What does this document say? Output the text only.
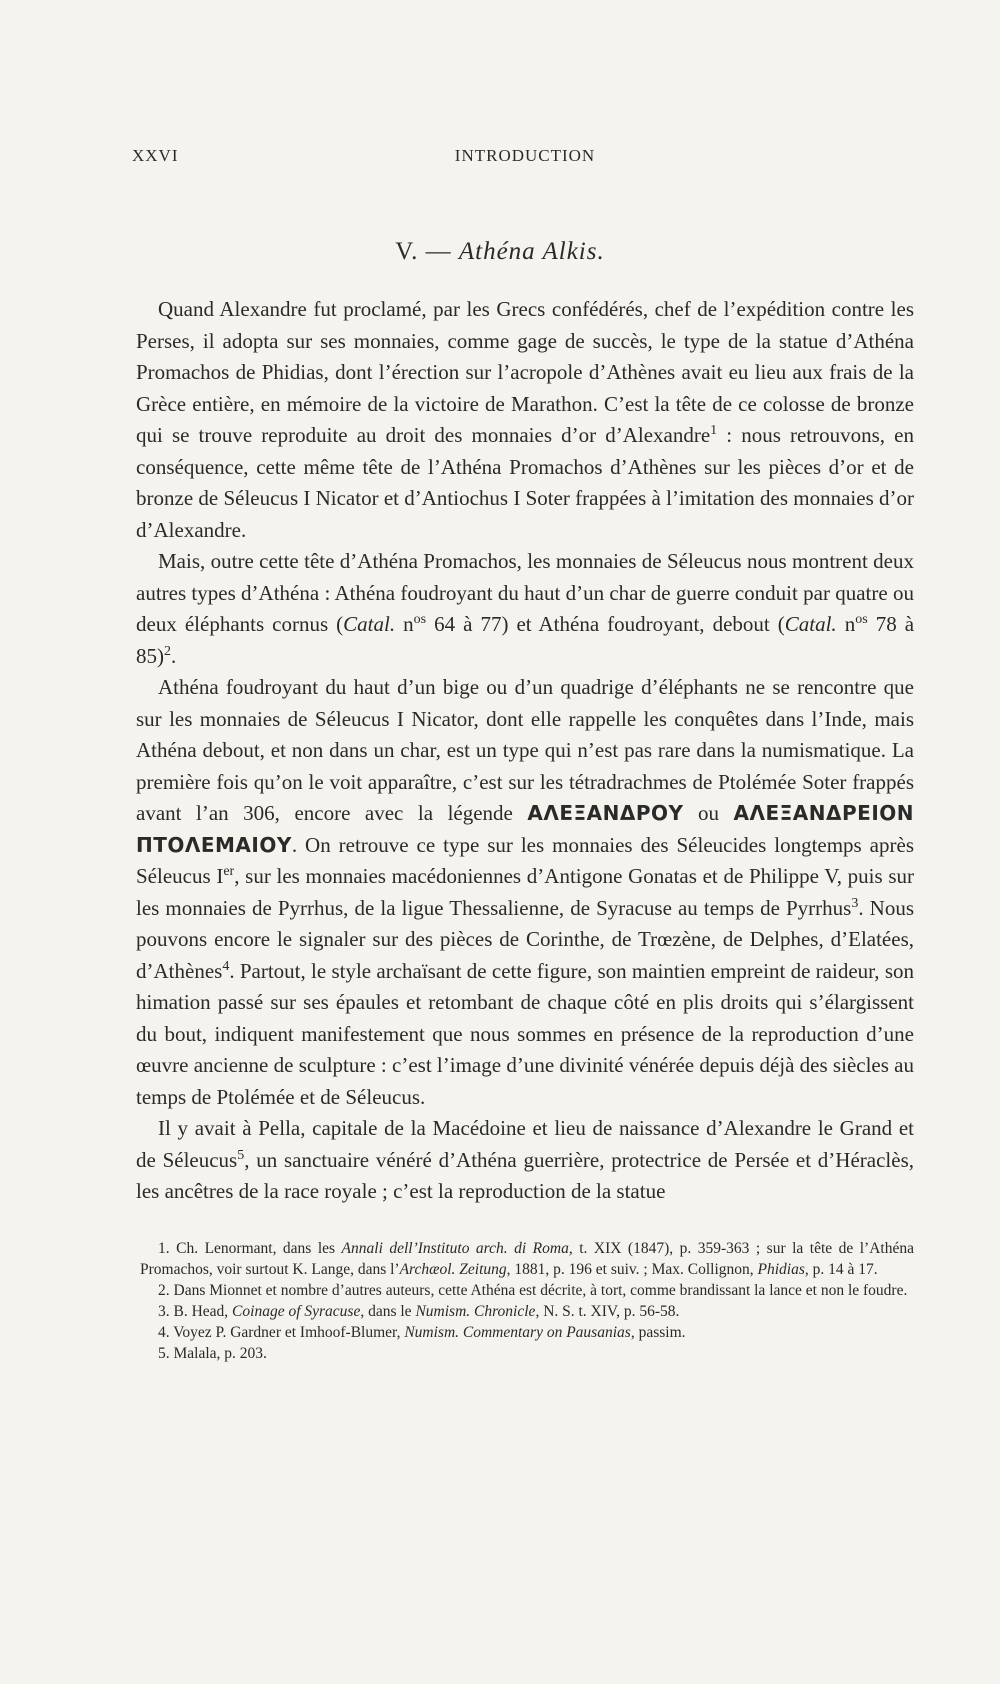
XXVI	INTRODUCTION
V. — Athéna Alkis.

Quand Alexandre fut proclamé, par les Grecs confédérés, chef de l’expédition contre les Perses, il adopta sur ses monnaies, comme gage de succès, le type de la statue d’Athéna Promachos de Phidias, dont l’érection sur l’acropole d’Athènes avait eu lieu aux frais de la Grèce entière, en mémoire de la victoire de Marathon. C’est la tête de ce colosse de bronze qui se trouve reproduite au droit des monnaies d’or d’Alexandre$^1$ : nous retrouvons, en conséquence, cette même tête de l’Athéna Promachos d’Athènes sur les pièces d’or et de bronze de Séleucus I Nicator et d’Antiochus I Soter frappées à l’imitation des monnaies d’or d’Alexandre.

Mais, outre cette tête d’Athéna Promachos, les monnaies de Séleucus nous montrent deux autres types d’Athéna : Athéna foudroyant du haut d’un char de guerre conduit par quatre ou deux éléphants cornus (Catal. $n^{os}$ 64 à 77) et Athéna foudroyant, debout (Catal. $n^{os}$ 78 à 85)$^2$.

Athéna foudroyant du haut d’un bige ou d’un quadrige d’éléphants ne se rencontre que sur les monnaies de Séleucus I Nicator, dont elle rappelle les conquêtes dans l’Inde, mais Athéna debout, et non dans un char, est un type qui n’est pas rare dans la numismatique. La première fois qu’on le voit apparaître, c’est sur les tétradrachmes de Ptolémée Soter frappés avant l’an 306, encore avec la légende ΑΛΕΞΑΝΔΡΟΥ ou ΑΛΕΞΑΝΔΡΕΙΟΝ ΠΤΟΛΕΜΑΙΟΥ. On retrouve ce type sur les monnaies des Séleucides longtemps après Séleucus Ier, sur les monnaies macédoniennes d’Antigone Gonatas et de Philippe V, puis sur les monnaies de Pyrrhus, de la ligue Thessalienne, de Syracuse au temps de Pyrrhus$^3$. Nous pouvons encore le signaler sur des pièces de Corinthe, de Trœzène, de Delphes, d’Elatées, d’Athènes$^4$. Partout, le style archaïsant de cette figure, son maintien empreint de raideur, son himation passé sur ses épaules et retombant de chaque côté en plis droits qui s’élargissent du bout, indiquent manifestement que nous sommes en présence de la reproduction d’une œuvre ancienne de sculpture : c’est l’image d’une divinité vénérée depuis déjà des siècles au temps de Ptolémée et de Séleucus.

Il y avait à Pella, capitale de la Macédoine et lieu de naissance d’Alexandre le Grand et de Séleucus$^5$, un sanctuaire vénéré d’Athéna guerrière, protectrice de Persée et d’Héraclès, les ancêtres de la race royale ; c’est la reproduction de la statue

1. Ch. Lenormant, dans les Annali dell’Instituto arch. di Roma, t. XIX (1847), p. 359-363 ; sur la tête de l’Athéna Promachos, voir surtout K. Lange, dans l’Archæol. Zeitung, 1881, p. 196 et suiv. ; Max. Collignon, Phidias, p. 14 à 17.

2. Dans Mionnet et nombre d’autres auteurs, cette Athéna est décrite, à tort, comme brandissant la lance et non le foudre.

3. B. Head, Coinage of Syracuse, dans le Numism. Chronicle, N. S. t. XIV, p. 56-58.

4. Voyez P. Gardner et Imhoof-Blumer, Numism. Commentary on Pausanias, passim.

5. Malala, p. 203.
